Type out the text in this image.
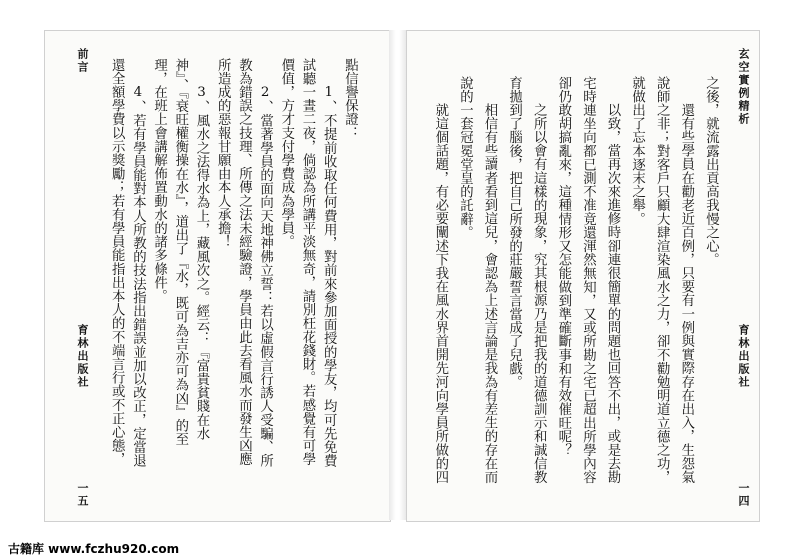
玄空實例精析
育林出版社
一四
之後，就流露出貢高我慢之心。
還有些學員在勸老近百例，只要有一例與實際存在出入，生怨氣
說師之非；對客戶只顧大肆渲染風水之力，卻不勸勉明道立德之功，
就做出了忘本逐末之舉。
以致，當再次來進修時卻連很簡單的問題也回答不出，或是去勘
宅時連坐向都已測不准竟還渾然無知，又或所勘之宅已超出所學內容
卻仍敢胡搞亂來，這種情形又怎能做到準確斷事和有效催旺呢？
之所以會有這樣的現象，究其根源乃是把我的道德訓示和誠信教
育拋到了腦後，把自己所發的莊嚴誓言當成了兒戲。
相信有些讀者看到這兒，會認為上述言論是我為有差生的存在而
說的一套冠冕堂皇的託辭。
就這個話題，有必要闡述下我在風水界首開先河向學員所做的四
前言
育林出版社
一五
點信譽保證：
1、不提前收取任何費用，對前來參加面授的學友，均可先免費
試聽一晝二夜，倘認為所講平淡無奇，請別枉花錢財。若感覺有可學
價值，方才支付學費成為學員。
2、當著學員的面向天地神佛立誓：若以虛假言行誘人受騙、所
教為錯誤之技理、所傳之法未經驗證，學員由此去看風水而發生凶應
所造成的惡報甘願由本人承擔！
3、風水之法得水為上，藏風次之。經云：『富貴貧賤在水
神』、『衰旺權衡操在水』，道出了『水，既可為吉亦可為凶』的至
理，在班上會講解佈置動水的諸多條件。
4、若有學員能對本人所教的技法指出錯誤並加以改正，定當退
還全額學費以示獎勵；若有學員能指出本人的不端言行或不正心態，
古籍库 www.fczhu920.com
